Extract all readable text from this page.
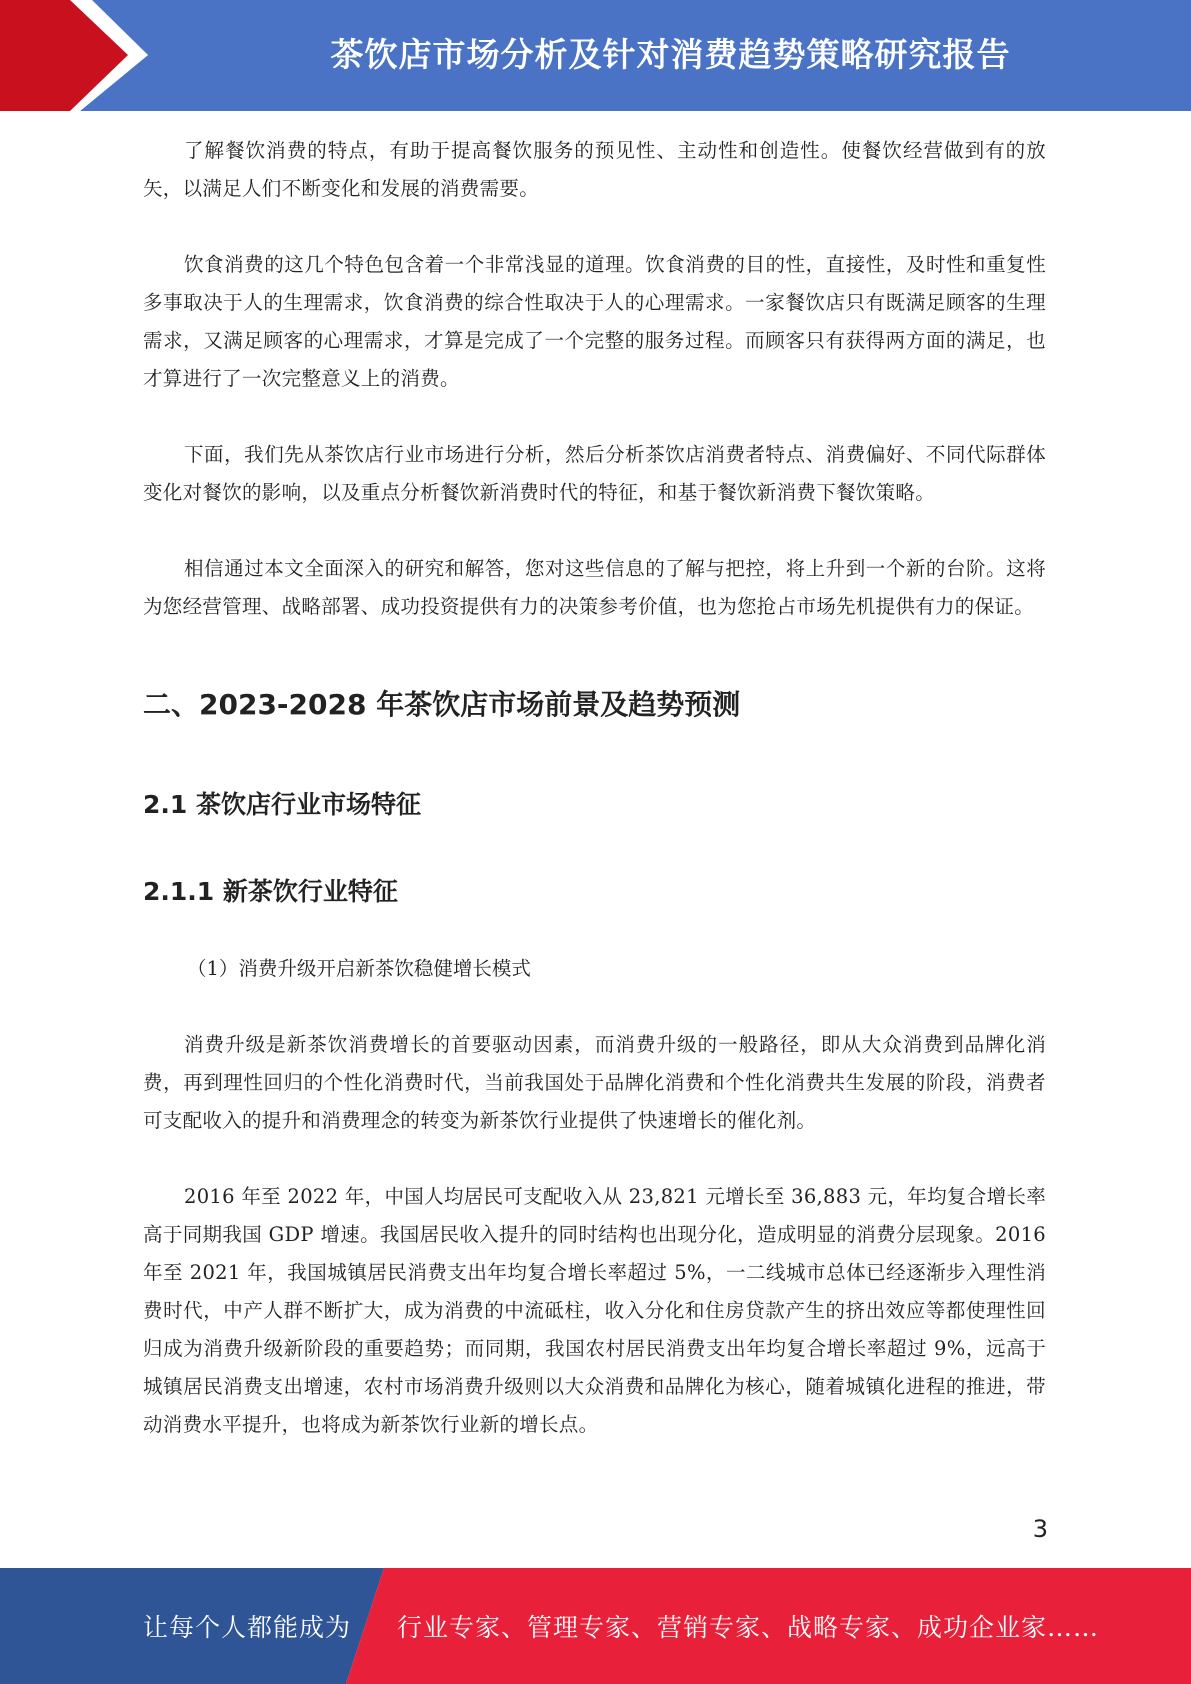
茶饮店市场分析及针对消费趋势策略研究报告

了解餐饮消费的特点，有助于提高餐饮服务的预见性、主动性和创造性。使餐饮经营做到有的放矢，以满足人们不断变化和发展的消费需要。

饮食消费的这几个特色包含着一个非常浅显的道理。饮食消费的目的性，直接性，及时性和重复性多事取决于人的生理需求，饮食消费的综合性取决于人的心理需求。一家餐饮店只有既满足顾客的生理需求，又满足顾客的心理需求，才算是完成了一个完整的服务过程。而顾客只有获得两方面的满足，也才算进行了一次完整意义上的消费。

下面，我们先从茶饮店行业市场进行分析，然后分析茶饮店消费者特点、消费偏好、不同代际群体变化对餐饮的影响，以及重点分析餐饮新消费时代的特征，和基于餐饮新消费下餐饮策略。

相信通过本文全面深入的研究和解答，您对这些信息的了解与把控，将上升到一个新的台阶。这将为您经营管理、战略部署、成功投资提供有力的决策参考价值，也为您抢占市场先机提供有力的保证。

二、2023-2028 年茶饮店市场前景及趋势预测
2.1 茶饮店行业市场特征
2.1.1 新茶饮行业特征

（1）消费升级开启新茶饮稳健增长模式

消费升级是新茶饮消费增长的首要驱动因素，而消费升级的一般路径，即从大众消费到品牌化消费，再到理性回归的个性化消费时代，当前我国处于品牌化消费和个性化消费共生发展的阶段，消费者可支配收入的提升和消费理念的转变为新茶饮行业提供了快速增长的催化剂。

2016 年至 2022 年，中国人均居民可支配收入从 23,821 元增长至 36,883 元，年均复合增长率高于同期我国 GDP 增速。我国居民收入提升的同时结构也出现分化，造成明显的消费分层现象。2016 年至 2021 年，我国城镇居民消费支出年均复合增长率超过 5%，一二线城市总体已经逐渐步入理性消费时代，中产人群不断扩大，成为消费的中流砥柱，收入分化和住房贷款产生的挤出效应等都使理性回归成为消费升级新阶段的重要趋势；而同期，我国农村居民消费支出年均复合增长率超过 9%，远高于城镇居民消费支出增速，农村市场消费升级则以大众消费和品牌化为核心，随着城镇化进程的推进，带动消费水平提升，也将成为新茶饮行业新的增长点。

3
让每个人都能成为 行业专家、管理专家、营销专家、战略专家、成功企业家……
